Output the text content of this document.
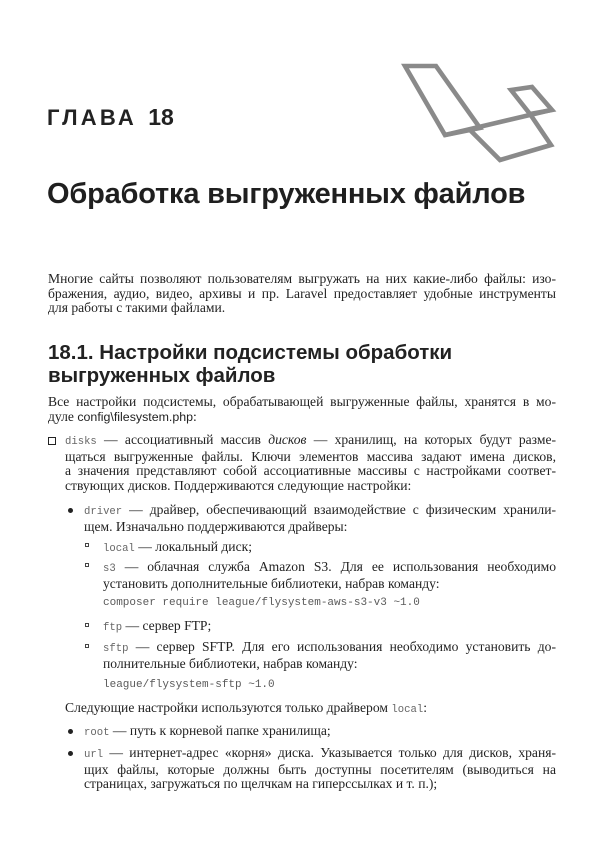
ГЛАВА 18
Обработка выгруженных файлов
Многие сайты позволяют пользователям выгружать на них какие-либо файлы: изо-
бражения, аудио, видео, архивы и пр. Laravel предоставляет удобные инструменты
для работы с такими файлами.
18.1. Настройки подсистемы обработки
выгруженных файлов
Все настройки подсистемы, обрабатывающей выгруженные файлы, хранятся в мо-
дуле config\filesystem.php:
disks — ассоциативный массив дисков — хранилищ, на которых будут разме-
щаться выгруженные файлы. Ключи элементов массива задают имена дисков,
а значения представляют собой ассоциативные массивы с настройками соответ-
ствующих дисков. Поддерживаются следующие настройки:
driver — драйвер, обеспечивающий взаимодействие с физическим хранили-
щем. Изначально поддерживаются драйверы:
local — локальный диск;
s3 — облачная служба Amazon S3. Для ее использования необходимо
установить дополнительные библиотеки, набрав команду:
composer require league/flysystem-aws-s3-v3 ~1.0
ftp — сервер FTP;
sftp — сервер SFTP. Для его использования необходимо установить до-
полнительные библиотеки, набрав команду:
league/flysystem-sftp ~1.0
Следующие настройки используются только драйвером local:
root — путь к корневой папке хранилища;
url — интернет-адрес «корня» диска. Указывается только для дисков, храня-
щих файлы, которые должны быть доступны посетителям (выводиться на
страницах, загружаться по щелчкам на гиперссылках и т. п.);
